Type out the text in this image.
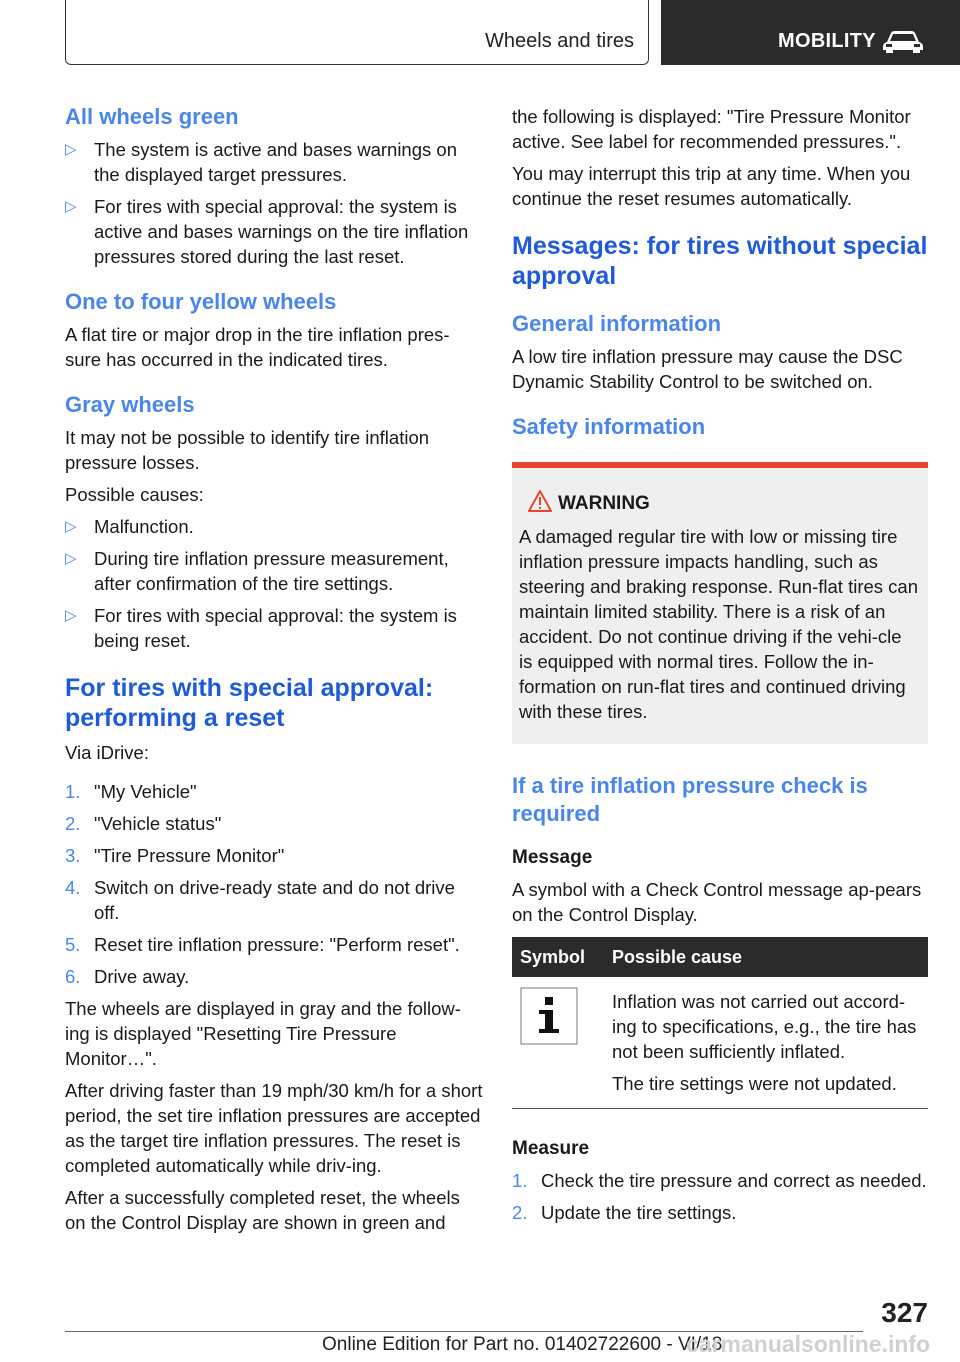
Wheels and tires	MOBILITY
All wheels green
▷ The system is active and bases warnings on the displayed target pressures.
▷ For tires with special approval: the system is active and bases warnings on the tire inflation pressures stored during the last reset.
One to four yellow wheels

A flat tire or major drop in the tire inflation pres‐sure has occurred in the indicated tires.

Gray wheels

It may not be possible to identify tire inflation pressure losses.

Possible causes:

▷ Malfunction.
▷ During tire inflation pressure measurement, after confirmation of the tire settings.
▷ For tires with special approval: the system is being reset.
For tires with special approval: performing a reset

Via iDrive:

1. "My Vehicle"
2. "Vehicle status"
3. "Tire Pressure Monitor"
4. Switch on drive-ready state and do not drive off.
5. Reset tire inflation pressure: "Perform reset".
6. Drive away.

The wheels are displayed in gray and the follow‐ing is displayed "Resetting Tire Pressure Monitor…".

After driving faster than 19 mph/30 km/h for a short period, the set tire inflation pressures are accepted as the target tire inflation pressures. The reset is completed automatically while driv‐ing.

After a successfully completed reset, the wheels on the Control Display are shown in green and

the following is displayed: "Tire Pressure Monitor active. See label for recommended pressures.".

You may interrupt this trip at any time. When you continue the reset resumes automatically.

Messages: for tires without special approval
General information

A low tire inflation pressure may cause the DSC Dynamic Stability Control to be switched on.

Safety information
WARNING

A damaged regular tire with low or missing tire inflation pressure impacts handling, such as steering and braking response. Run-flat tires can maintain limited stability. There is a risk of an accident. Do not continue driving if the vehi‐cle is equipped with normal tires. Follow the in‐formation on run-flat tires and continued driving with these tires.

If a tire inflation pressure check is required
Message

A symbol with a Check Control message ap‐pears on the Control Display.

Symbol	Possible cause

Inflation was not carried out accord‐ing to specifications, e.g., the tire has not been sufficiently inflated.
The tire settings were not updated.
Measure
1. Check the tire pressure and correct as needed.
2. Update the tire settings.
327
Online Edition for Part no. 01402722600 - VI/18
carmanualsonline.info
